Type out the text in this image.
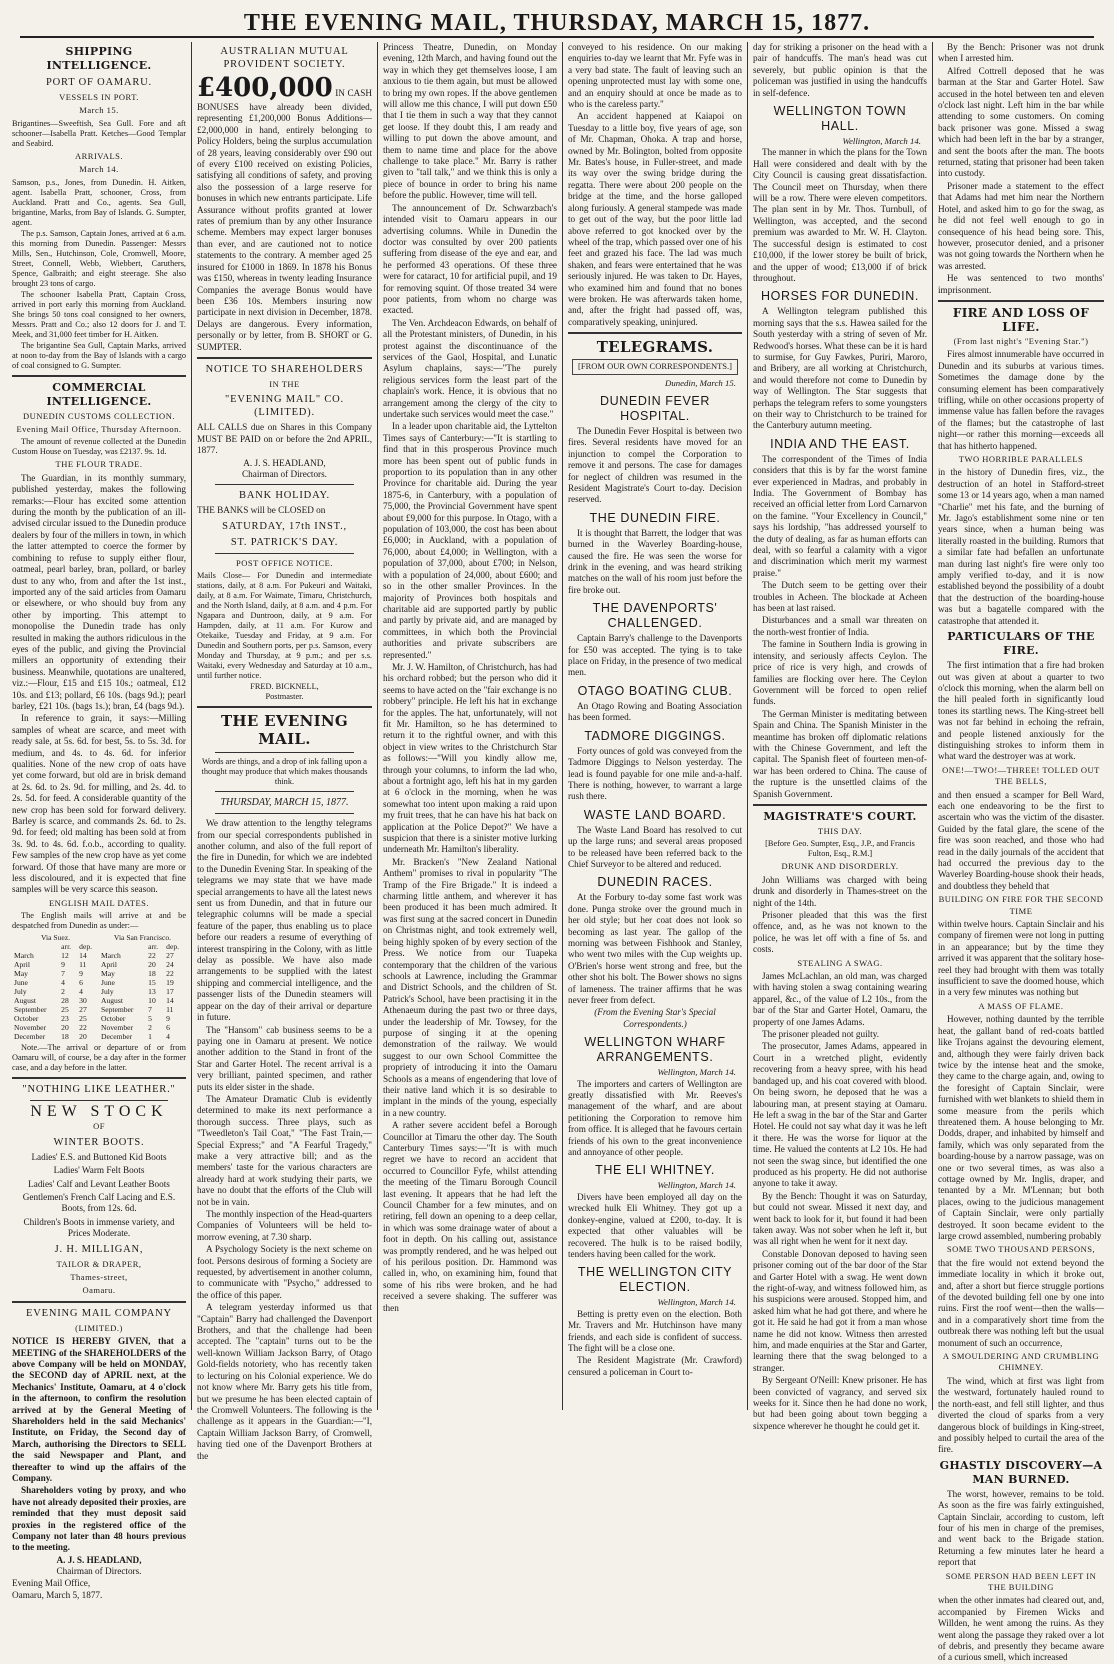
THE EVENING MAIL, THURSDAY, MARCH 15, 1877.
SHIPPING INTELLIGENCE.
PORT OF OAMARU.
VESSELS IN PORT.
March 15.

Brigantines—Sweeftish, Sea Gull. Fore and aft schooner—Isabella Pratt. Ketches—Good Templar and Seabird.

ARRIVALS.
March 14.

Samson, p.s., Jones, from Dunedin. H. Aitken, agent. Isabella Pratt, schooner, Cross, from Auckland. Pratt and Co., agents. Sea Gull, brigantine, Marks, from Bay of Islands. G. Sumpter, agent.

The p.s. Samson, Captain Jones, arrived at 6 a.m. this morning from Dunedin. Passenger: Messrs Mills, Sen., Hutchinson, Cole, Cromwell, Moore, Street, Connell, Webb, Wiebbert, Caruthers, Spence, Galbraith; and eight steerage. She also brought 23 tons of cargo.

The schooner Isabella Pratt, Captain Cross, arrived in port early this morning from Auckland. She brings 50 tons coal consigned to her owners, Messrs. Pratt and Co.; also 12 doors for J. and T. Meek, and 31,000 feet timber for H. Aitken.

The brigantine Sea Gull, Captain Marks, arrived at noon to-day from the Bay of Islands with a cargo of coal consigned to G. Sumpter.

COMMERCIAL INTELLIGENCE.
DUNEDIN CUSTOMS COLLECTION.
Evening Mail Office, Thursday Afternoon.

The amount of revenue collected at the Dunedin Custom House on Tuesday, was £2137. 9s. 1d.

THE FLOUR TRADE.

The Guardian, in its monthly summary, published yesterday, makes the following remarks:—Flour has excited some attention during the month by the publication of an ill-advised circular issued to the Dunedin produce dealers by four of the millers in town, in which the latter attempted to coerce the former by combining to refuse to supply either flour, oatmeal, pearl barley, bran, pollard, or barley dust to any who, from and after the 1st inst., imported any of the said articles from Oamaru or elsewhere, or who should buy from any other by importing. This attempt to monopolise the Dunedin trade has only resulted in making the authors ridiculous in the eyes of the public, and giving the Provincial millers an opportunity of extending their business. Meanwhile, quotations are unaltered, viz.:—Flour, £15 and £15 10s.; oatmeal, £12 10s. and £13; pollard, £6 10s. (bags 9d.); pearl barley, £21 10s. (bags 1s.); bran, £4 (bags 9d.).

In reference to grain, it says:—Milling samples of wheat are scarce, and meet with ready sale, at 5s. 6d. for best, 5s. to 5s. 3d. for medium, and 4s. to 4s. 6d. for inferior qualities. None of the new crop of oats have yet come forward, but old are in brisk demand at 2s. 6d. to 2s. 9d. for milling, and 2s. 4d. to 2s. 5d. for feed. A considerable quantity of the new crop has been sold for forward delivery. Barley is scarce, and commands 2s. 6d. to 2s. 9d. for feed; old malting has been sold at from 3s. 9d. to 4s. 6d. f.o.b., according to quality. Few samples of the new crop have as yet come forward. Of those that have many are more or less discoloured, and it is expected that fine samples will be very scarce this season.

ENGLISH MAIL DATES.

The English mails will arrive at and be despatched from Dunedin as under:—

Via Suez.			Via San Francisco.		
	arr.	dep.		arr.	dep.
March	12	14	March	22	27
April	9	11	April	20	24
May	7	9	May	18	22
June	4	6	June	15	19
July	2	4	July	13	17
August	28	30	August	10	14
September	25	27	September	7	11
October	23	25	October	5	9
November	20	22	November	2	6
December	18	20	December	1	4

Note.—The arrival or departure of or from Oamaru will, of course, be a day after in the former case, and a day before in the latter.

"NOTHING LIKE LEATHER."
NEW STOCK
OF
WINTER BOOTS.
Ladies' E.S. and Buttoned Kid Boots
Ladies' Warm Felt Boots
Ladies' Calf and Levant Leather Boots
Gentlemen's French Calf Lacing and E.S. Boots, from 12s. 6d.
Children's Boots in immense variety, and Prices Moderate.
J. H. MILLIGAN,
TAILOR & DRAPER,
Thames-street,
Oamaru.
EVENING MAIL COMPANY
(LIMITED.)

NOTICE IS HEREBY GIVEN, that a MEETING of the SHAREHOLDERS of the above Company will be held on MONDAY, the SECOND day of APRIL next, at the Mechanics' Institute, Oamaru, at 4 o'clock in the afternoon, to confirm the resolution arrived at by the General Meeting of Shareholders held in the said Mechanics' Institute, on Friday, the Second day of March, authorising the Directors to SELL the said Newspaper and Plant, and thereafter to wind up the affairs of the Company.

Shareholders voting by proxy, and who have not already deposited their proxies, are reminded that they must deposit said proxies in the registered office of the Company not later than 48 hours previous to the meeting.

A. J. S. HEADLAND,
Chairman of Directors.

Evening Mail Office,

Oamaru, March 5, 1877.

AUSTRALIAN MUTUAL PROVIDENT SOCIETY.

£400,000 IN CASH BONUSES have already been divided, representing £1,200,000 Bonus Additions—£2,000,000 in hand, entirely belonging to Policy Holders, being the surplus accumulation of 28 years, leaving considerably over £90 out of every £100 received on existing Policies, satisfying all conditions of safety, and proving also the possession of a large reserve for bonuses in which new entrants participate. Life Assurance without profits granted at lower rates of premium than by any other Insurance scheme. Members may expect larger bonuses than ever, and are cautioned not to notice statements to the contrary. A member aged 25 insured for £1000 in 1869. In 1878 his Bonus was £150, whereas in twenty leading Insurance Companies the average Bonus would have been £36 10s. Members insuring now participate in next division in December, 1878. Delays are dangerous. Every information, personally or by letter, from B. SHORT or G. SUMPTER.

NOTICE TO SHAREHOLDERS
IN THE
"EVENING MAIL" CO. (LIMITED).

ALL CALLS due on Shares in this Company MUST BE PAID on or before the 2nd APRIL, 1877.

A. J. S. HEADLAND,
Chairman of Directors.
BANK HOLIDAY.

THE BANKS will be CLOSED on

SATURDAY, 17th INST.,
ST. PATRICK'S DAY.
POST OFFICE NOTICE.

Mails Close— For Dunedin and intermediate stations, daily, at 8 a.m. For Pukeuri and Waitaki, daily, at 8 a.m. For Waimate, Timaru, Christchurch, and the North Island, daily, at 8 a.m. and 4 p.m. For Ngapara and Duntroon, daily, at 9 a.m. For Hampden, daily, at 11 a.m. For Kurow and Otekaike, Tuesday and Friday, at 9 a.m. For Dunedin and Southern ports, per p.s. Samson, every Monday and Thursday, at 9 p.m.; and per s.s. Waitaki, every Wednesday and Saturday at 10 a.m., until further notice.

FRED. BICKNELL,
Postmaster.
THE EVENING MAIL.

Words are things, and a drop of ink falling upon a thought may produce that which makes thousands think.

THURSDAY, MARCH 15, 1877.

We draw attention to the lengthy telegrams from our special correspondents published in another column, and also of the full report of the fire in Dunedin, for which we are indebted to the Dunedin Evening Star. In speaking of the telegrams we may state that we have made special arrangements to have all the latest news sent us from Dunedin, and that in future our telegraphic columns will be made a special feature of the paper, thus enabling us to place before our readers a resume of everything of interest transpiring in the Colony, with as little delay as possible. We have also made arrangements to be supplied with the latest shipping and commercial intelligence, and the passenger lists of the Dunedin steamers will appear on the day of their arrival or departure in future.

The "Hansom" cab business seems to be a paying one in Oamaru at present. We notice another addition to the Stand in front of the Star and Garter Hotel. The recent arrival is a very brilliant, painted specimen, and rather puts its elder sister in the shade.

The Amateur Dramatic Club is evidently determined to make its next performance a thorough success. Three plays, such as "Tweedleton's Tail Coat," "The Fast Train,—Special Express;" and "A Fearful Tragedy," make a very attractive bill; and as the members' taste for the various characters are already hard at work studying their parts, we have no doubt that the efforts of the Club will not be in vain.

The monthly inspection of the Head-quarters Companies of Volunteers will be held to-morrow evening, at 7.30 sharp.

A Psychology Society is the next scheme on foot. Persons desirous of forming a Society are requested, by advertisement in another column, to communicate with "Psycho," addressed to the office of this paper.

A telegram yesterday informed us that "Captain" Barry had challenged the Davenport Brothers, and that the challenge had been accepted. The "captain" turns out to be the well-known William Jackson Barry, of Otago Gold-fields notoriety, who has recently taken to lecturing on his Colonial experience. We do not know where Mr. Barry gets his title from, but we presume he has been elected captain of the Cromwell Volunteers. The following is the challenge as it appears in the Guardian:—"I, Captain William Jackson Barry, of Cromwell, having tied one of the Davenport Brothers at the

Princess Theatre, Dunedin, on Monday evening, 12th March, and having found out the way in which they get themselves loose, I am anxious to tie them again, but must be allowed to bring my own ropes. If the above gentlemen will allow me this chance, I will put down £50 that I tie them in such a way that they cannot get loose. If they doubt this, I am ready and willing to put down the above amount, and them to name time and place for the above challenge to take place." Mr. Barry is rather given to "tall talk," and we think this is only a piece of bounce in order to bring his name before the public. However, time will tell.

The announcement of Dr. Schwarzbach's intended visit to Oamaru appears in our advertising columns. While in Dunedin the doctor was consulted by over 200 patients suffering from disease of the eye and ear, and he performed 43 operations. Of these three were for cataract, 10 for artificial pupil, and 19 for removing squint. Of those treated 34 were poor patients, from whom no charge was exacted.

The Ven. Archdeacon Edwards, on behalf of all the Protestant ministers, of Dunedin, in his protest against the discontinuance of the services of the Gaol, Hospital, and Lunatic Asylum chaplains, says:—"The purely religious services form the least part of the chaplain's work. Hence, it is obvious that no arrangement among the clergy of the city to undertake such services would meet the case."

In a leader upon charitable aid, the Lyttelton Times says of Canterbury:—"It is startling to find that in this prosperous Province much more has been spent out of public funds in proportion to its population than in any other Province for charitable aid. During the year 1875-6, in Canterbury, with a population of 75,000, the Provincial Government have spent about £9,000 for this purpose. In Otago, with a population of 103,000, the cost has been about £6,000; in Auckland, with a population of 76,000, about £4,000; in Wellington, with a population of 37,000, about £700; in Nelson, with a population of 24,000, about £600; and so in the other smaller Provinces. In the majority of Provinces both hospitals and charitable aid are supported partly by public and partly by private aid, and are managed by committees, in which both the Provincial authorities and private subscribers are represented."

Mr. J. W. Hamilton, of Christchurch, has had his orchard robbed; but the person who did it seems to have acted on the "fair exchange is no robbery" principle. He left his hat in exchange for the apples. The hat, unfortunately, will not fit Mr. Hamilton, so he has determined to return it to the rightful owner, and with this object in view writes to the Christchurch Star as follows:—"Will you kindly allow me, through your columns, to inform the lad who, about a fortnight ago, left his hat in my garden at 6 o'clock in the morning, when he was somewhat too intent upon making a raid upon my fruit trees, that he can have his hat back on application at the Police Depot?" We have a suspicion that there is a sinister motive lurking underneath Mr. Hamilton's liberality.

Mr. Bracken's "New Zealand National Anthem" promises to rival in popularity "The Tramp of the Fire Brigade." It is indeed a charming little anthem, and wherever it has been produced it has been much admired. It was first sung at the sacred concert in Dunedin on Christmas night, and took extremely well, being highly spoken of by every section of the Press. We notice from our Tuapeka contemporary that the children of the various schools at Lawrence, including the Grammar and District Schools, and the children of St. Patrick's School, have been practising it in the Athenaeum during the past two or three days, under the leadership of Mr. Towsey, for the purpose of singing it at the opening demonstration of the railway. We would suggest to our own School Committee the propriety of introducing it into the Oamaru Schools as a means of engendering that love of their native land which it is so desirable to implant in the minds of the young, especially in a new country.

A rather severe accident befel a Borough Councillor at Timaru the other day. The South Canterbury Times says:—"It is with much regret we have to record an accident that occurred to Councillor Fyfe, whilst attending the meeting of the Timaru Borough Council last evening. It appears that he had left the Council Chamber for a few minutes, and on retiring, fell down an opening to a deep cellar, in which was some drainage water of about a foot in depth. On his calling out, assistance was promptly rendered, and he was helped out of his perilous position. Dr. Hammond was called in, who, on examining him, found that some of his ribs were broken, and he had received a severe shaking. The sufferer was then

conveyed to his residence. On our making enquiries to-day we learnt that Mr. Fyfe was in a very bad state. The fault of leaving such an opening unprotected must lay with some one, and an enquiry should at once be made as to who is the careless party."

An accident happened at Kaiapoi on Tuesday to a little boy, five years of age, son of Mr. Chapman, Ohoka. A trap and horse, owned by Mr. Bolington, bolted from opposite Mr. Bates's house, in Fuller-street, and made its way over the swing bridge during the regatta. There were about 200 people on the bridge at the time, and the horse galloped along furiously. A general stampede was made to get out of the way, but the poor little lad above referred to got knocked over by the wheel of the trap, which passed over one of his feet and grazed his face. The lad was much shaken, and fears were entertained that he was seriously injured. He was taken to Dr. Hayes, who examined him and found that no bones were broken. He was afterwards taken home, and, after the fright had passed off, was, comparatively speaking, uninjured.

TELEGRAMS.
[FROM OUR OWN CORRESPONDENTS.]
Dunedin, March 15.
DUNEDIN FEVER HOSPITAL.

The Dunedin Fever Hospital is between two fires. Several residents have moved for an injunction to compel the Corporation to remove it and persons. The case for damages for neglect of children was resumed in the Resident Magistrate's Court to-day. Decision reserved.

THE DUNEDIN FIRE.

It is thought that Barrett, the lodger that was burned in the Waverley Boarding-house, caused the fire. He was seen the worse for drink in the evening, and was heard striking matches on the wall of his room just before the fire broke out.

THE DAVENPORTS' CHALLENGED.

Captain Barry's challenge to the Davenports for £50 was accepted. The tying is to take place on Friday, in the presence of two medical men.

OTAGO BOATING CLUB.

An Otago Rowing and Boating Association has been formed.

TADMORE DIGGINGS.

Forty ounces of gold was conveyed from the Tadmore Diggings to Nelson yesterday. The lead is found payable for one mile and-a-half. There is nothing, however, to warrant a large rush there.

WASTE LAND BOARD.

The Waste Land Board has resolved to cut up the large runs; and several areas proposed to be released have been referred back to the Chief Surveyor to be altered and reduced.

DUNEDIN RACES.

At the Forbury to-day some fast work was done. Punga stroke over the ground much in her old style; but her coat does not look so becoming as last year. The gallop of the morning was between Fishhook and Stanley, who went two miles with the Cup weights up. O'Brien's horse went strong and free, but the other shot his bolt. The Bower shows no signs of lameness. The trainer affirms that he was never freer from defect.

(From the Evening Star's Special Correspondents.)

WELLINGTON WHARF ARRANGEMENTS.
Wellington, March 14.

The importers and carters of Wellington are greatly dissatisfied with Mr. Reeves's management of the wharf, and are about petitioning the Corporation to remove him from office. It is alleged that he favours certain friends of his own to the great inconvenience and annoyance of other people.

THE ELI WHITNEY.
Wellington, March 14.

Divers have been employed all day on the wrecked hulk Eli Whitney. They got up a donkey-engine, valued at £200, to-day. It is expected that other valuables will be recovered. The hulk is to be raised bodily, tenders having been called for the work.

THE WELLINGTON CITY ELECTION.
Wellington, March 14.

Betting is pretty even on the election. Both Mr. Travers and Mr. Hutchinson have many friends, and each side is confident of success. The fight will be a close one.

The Resident Magistrate (Mr. Crawford) censured a policeman in Court to-

day for striking a prisoner on the head with a pair of handcuffs. The man's head was cut severely, but public opinion is that the policeman was justified in using the handcuffs in self-defence.

WELLINGTON TOWN HALL.
Wellington, March 14.

The manner in which the plans for the Town Hall were considered and dealt with by the City Council is causing great dissatisfaction. The Council meet on Thursday, when there will be a row. There were eleven competitors. The plan sent in by Mr. Thos. Turnbull, of Wellington, was accepted, and the second premium was awarded to Mr. W. H. Clayton. The successful design is estimated to cost £10,000, if the lower storey be built of brick, and the upper of wood; £13,000 if of brick throughout.

HORSES FOR DUNEDIN.

A Wellington telegram published this morning says that the s.s. Hawea sailed for the South yesterday with a string of seven of Mr. Redwood's horses. What these can be it is hard to surmise, for Guy Fawkes, Puriri, Maroro, and Bribery, are all working at Christchurch, and would therefore not come to Dunedin by way of Wellington. The Star suggests that perhaps the telegram refers to some youngsters on their way to Christchurch to be trained for the Canterbury autumn meeting.

INDIA AND THE EAST.

The correspondent of the Times of India considers that this is by far the worst famine ever experienced in Madras, and probably in India. The Government of Bombay has received an official letter from Lord Carnarvon on the famine. "Your Excellency in Council," says his lordship, "has addressed yourself to the duty of dealing, as far as human efforts can deal, with so fearful a calamity with a vigor and discrimination which merit my warmest praise."

The Dutch seem to be getting over their troubles in Acheen. The blockade at Acheen has been at last raised.

Disturbances and a small war threaten on the north-west frontier of India.

The famine in Southern India is growing in intensity, and seriously affects Ceylon. The price of rice is very high, and crowds of families are flocking over here. The Ceylon Government will be forced to open relief funds.

The German Minister is meditating between Spain and China. The Spanish Minister in the meantime has broken off diplomatic relations with the Chinese Government, and left the capital. The Spanish fleet of fourteen men-of-war has been ordered to China. The cause of the rupture is the unsettled claims of the Spanish Government.

MAGISTRATE'S COURT.
THIS DAY.

[Before Geo. Sumpter, Esq., J.P., and Francis Fulton, Esq., R.M.]

DRUNK AND DISORDERLY.

John Williams was charged with being drunk and disorderly in Thames-street on the night of the 14th.

Prisoner pleaded that this was the first offence, and, as he was not known to the police, he was let off with a fine of 5s. and costs.

STEALING A SWAG.

James McLachlan, an old man, was charged with having stolen a swag containing wearing apparel, &c., of the value of L2 10s., from the bar of the Star and Garter Hotel, Oamaru, the property of one James Adams.

The prisoner pleaded not guilty.

The prosecutor, James Adams, appeared in Court in a wretched plight, evidently recovering from a heavy spree, with his head bandaged up, and his coat covered with blood. On being sworn, he deposed that he was a labouring man, at present staying at Oamaru. He left a swag in the bar of the Star and Garter Hotel. He could not say what day it was he left it there. He was the worse for liquor at the time. He valued the contents at L2 10s. He had not seen the swag since, but identified the one produced as his property. He did not authorise anyone to take it away.

By the Bench: Thought it was on Saturday, but could not swear. Missed it next day, and went back to look for it, but found it had been taken away. Was not sober when he left it, but was all right when he went for it next day.

Constable Donovan deposed to having seen prisoner coming out of the bar door of the Star and Garter Hotel with a swag. He went down the right-of-way, and witness followed him, as his suspicions were aroused. Stopped him, and asked him what he had got there, and where he got it. He said he had got it from a man whose name he did not know. Witness then arrested him, and made enquiries at the Star and Garter, learning there that the swag belonged to a stranger.

By Sergeant O'Neill: Knew prisoner. He has been convicted of vagrancy, and served six weeks for it. Since then he had done no work, but had been going about town begging a sixpence wherever he thought he could get it.

By the Bench: Prisoner was not drunk when I arrested him.

Alfred Cottrell deposed that he was barman at the Star and Garter Hotel. Saw accused in the hotel between ten and eleven o'clock last night. Left him in the bar while attending to some customers. On coming back prisoner was gone. Missed a swag which had been left in the bar by a stranger, and sent the boots after the man. The boots returned, stating that prisoner had been taken into custody.

Prisoner made a statement to the effect that Adams had met him near the Northern Hotel, and asked him to go for the swag, as he did not feel well enough to go in consequence of his head being sore. This, however, prosecutor denied, and a prisoner was not going towards the Northern when he was arrested.

He was sentenced to two months' imprisonment.

FIRE AND LOSS OF LIFE.
(From last night's "Evening Star.")

Fires almost innumerable have occurred in Dunedin and its suburbs at various times. Sometimes the damage done by the consuming element has been comparatively trifling, while on other occasions property of immense value has fallen before the ravages of the flames; but the catastrophe of last night—or rather this morning—exceeds all that has hitherto happened.

TWO HORRIBLE PARALLELS

in the history of Dunedin fires, viz., the destruction of an hotel in Stafford-street some 13 or 14 years ago, when a man named "Charlie" met his fate, and the burning of Mr. Jago's establishment some nine or ten years since, when a human being was literally roasted in the building. Rumors that a similar fate had befallen an unfortunate man during last night's fire were only too amply verified to-day, and it is now established beyond the possibility of a doubt that the destruction of the boarding-house was but a bagatelle compared with the catastrophe that attended it.

PARTICULARS OF THE FIRE.

The first intimation that a fire had broken out was given at about a quarter to two o'clock this morning, when the alarm bell on the hill pealed forth in significantly loud tones its startling news. The King-street bell was not far behind in echoing the refrain, and people listened anxiously for the distinguishing strokes to inform them in what ward the destroyer was at work.

ONE!—TWO!—THREE! TOLLED OUT THE BELLS,

and then ensued a scamper for Bell Ward, each one endeavoring to be the first to ascertain who was the victim of the disaster. Guided by the fatal glare, the scene of the fire was soon reached, and those who had read in the daily journals of the accident that had occurred the previous day to the Waverley Boarding-house shook their heads, and doubtless they beheld that

BUILDING ON FIRE FOR THE SECOND TIME

within twelve hours. Captain Sinclair and his company of firemen were not long in putting in an appearance; but by the time they arrived it was apparent that the solitary hose-reel they had brought with them was totally insufficient to save the doomed house, which in a very few minutes was nothing but

A MASS OF FLAME.

However, nothing daunted by the terrible heat, the gallant band of red-coats battled like Trojans against the devouring element, and, although they were fairly driven back twice by the intense heat and the smoke, they came to the charge again, and, owing to the foresight of Captain Sinclair, were furnished with wet blankets to shield them in some measure from the perils which threatened them. A house belonging to Mr. Dodds, draper, and inhabited by himself and family, which was only separated from the boarding-house by a narrow passage, was on one or two several times, as was also a cottage owned by Mr. Inglis, draper, and tenanted by a Mr. M'Lennan; but both places, owing to the judicious management of Captain Sinclair, were only partially destroyed. It soon became evident to the large crowd assembled, numbering probably

SOME TWO THOUSAND PERSONS,

that the fire would not extend beyond the immediate locality in which it broke out, and, after a short but fierce struggle portions of the devoted building fell one by one into ruins. First the roof went—then the walls—and in a comparatively short time from the outbreak there was nothing left but the usual monument of such an occurrence,

A SMOULDERING AND CRUMBLING CHIMNEY.

The wind, which at first was light from the westward, fortunately hauled round to the north-east, and fell still lighter, and thus diverted the cloud of sparks from a very dangerous block of buildings in King-street, and possibly helped to curtail the area of the fire.

GHASTLY DISCOVERY—A MAN BURNED.

The worst, however, remains to be told. As soon as the fire was fairly extinguished, Captain Sinclair, according to custom, left four of his men in charge of the premises, and went back to the Brigade station. Returning a few minutes later he heard a report that

SOME PERSON HAD BEEN LEFT IN THE BUILDING

when the other inmates had cleared out, and, accompanied by Firemen Wicks and Willden, he went among the ruins. As they went along the passage they raked over a lot of debris, and presently they became aware of a curious smell, which increased
